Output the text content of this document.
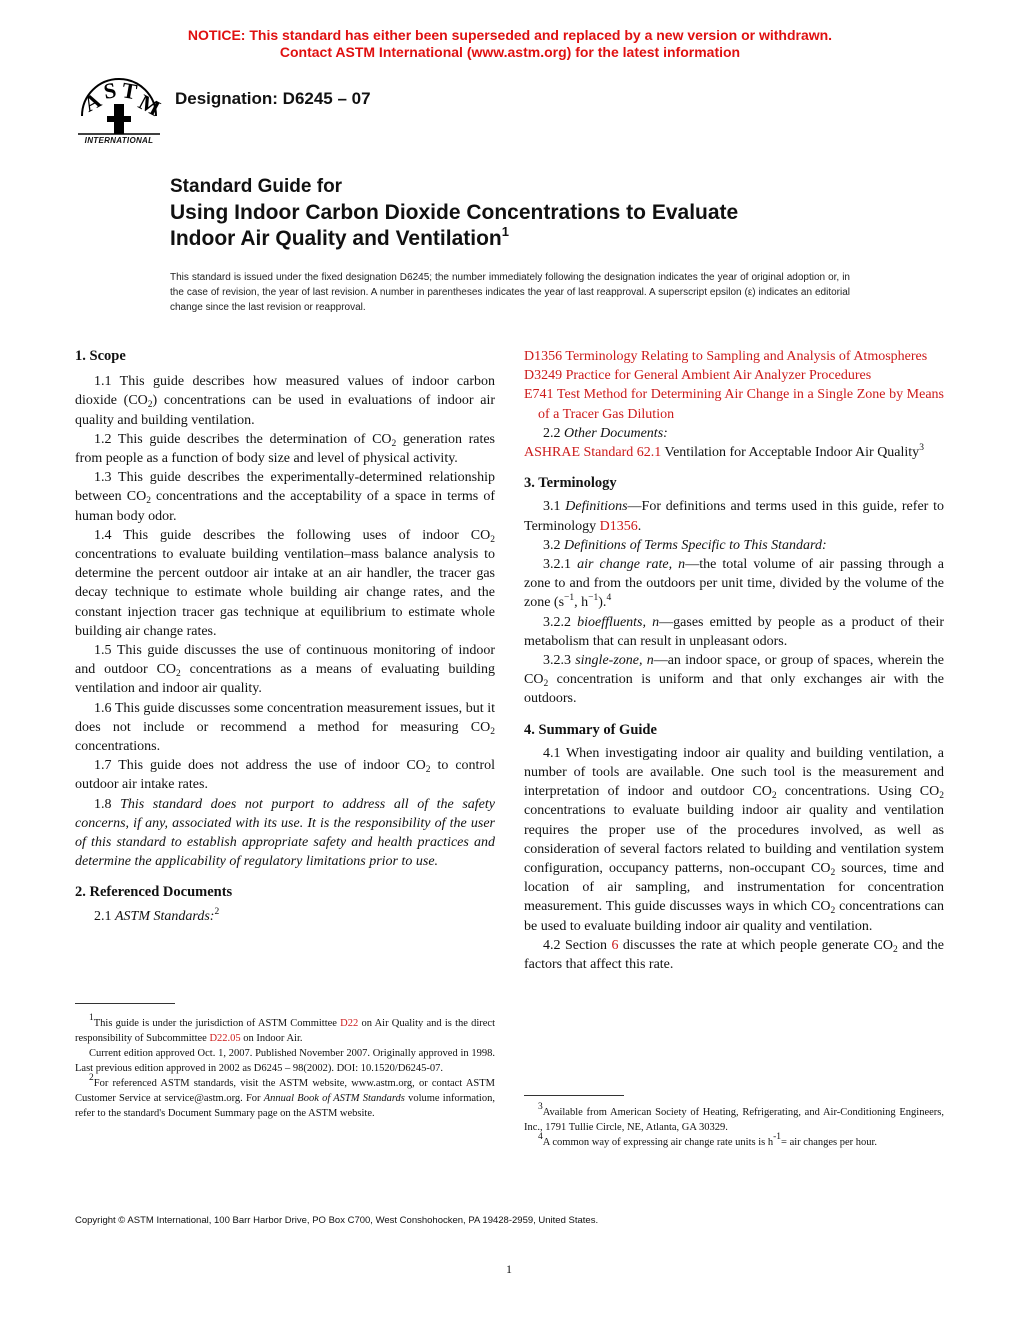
NOTICE: This standard has either been superseded and replaced by a new version or withdrawn.
Contact ASTM International (www.astm.org) for the latest information
A
S T
M
INTERNATIONAL
Designation: D6245 – 07
Standard Guide for
Using Indoor Carbon Dioxide Concentrations to Evaluate
Indoor Air Quality and Ventilation$^1$
This standard is issued under the fixed designation D6245; the number immediately following the designation indicates the year of original adoption or, in the case of revision, the year of last revision. A number in parentheses indicates the year of last reapproval. A superscript epsilon (ε) indicates an editorial change since the last revision or reapproval.
1. Scope

1.1 This guide describes how measured values of indoor carbon dioxide $(CO_2)$ concentrations can be used in evaluations of indoor air quality and building ventilation.

1.2 This guide describes the determination of $CO_2$ generation rates from people as a function of body size and level of physical activity.

1.3 This guide describes the experimentally-determined relationship between $CO_2$ concentrations and the acceptability of a space in terms of human body odor.

1.4 This guide describes the following uses of indoor $CO_2$ concentrations to evaluate building ventilation–mass balance analysis to determine the percent outdoor air intake at an air handler, the tracer gas decay technique to estimate whole building air change rates, and the constant injection tracer gas technique at equilibrium to estimate whole building air change rates.

1.5 This guide discusses the use of continuous monitoring of indoor and outdoor $CO_2$ concentrations as a means of evaluating building ventilation and indoor air quality.

1.6 This guide discusses some concentration measurement issues, but it does not include or recommend a method for measuring $CO_2$ concentrations.

1.7 This guide does not address the use of indoor $CO_2$ to control outdoor air intake rates.

1.8 This standard does not purport to address all of the safety concerns, if any, associated with its use. It is the responsibility of the user of this standard to establish appropriate safety and health practices and determine the applicability of regulatory limitations prior to use.

2. Referenced Documents

2.1 ASTM Standards:$^2$

$^1$This guide is under the jurisdiction of ASTM Committee D22 on Air Quality and is the direct responsibility of Subcommittee D22.05 on Indoor Air.

Current edition approved Oct. 1, 2007. Published November 2007. Originally approved in 1998. Last previous edition approved in 2002 as D6245 – 98(2002). DOI: 10.1520/D6245-07.

$^2$For referenced ASTM standards, visit the ASTM website, www.astm.org, or contact ASTM Customer Service at service@astm.org. For Annual Book of ASTM Standards volume information, refer to the standard's Document Summary page on the ASTM website.

D1356 Terminology Relating to Sampling and Analysis of Atmospheres

D3249 Practice for General Ambient Air Analyzer Procedures

E741 Test Method for Determining Air Change in a Single Zone by Means of a Tracer Gas Dilution

2.2 Other Documents:

ASHRAE Standard 62.1 Ventilation for Acceptable Indoor Air Quality$^3$

3. Terminology

3.1 Definitions—For definitions and terms used in this guide, refer to Terminology D1356.

3.2 Definitions of Terms Specific to This Standard:

3.2.1 air change rate, n—the total volume of air passing through a zone to and from the outdoors per unit time, divided by the volume of the zone ($s^{-1}$, $h^{-1}).^4$

3.2.2 bioeffluents, n—gases emitted by people as a product of their metabolism that can result in unpleasant odors.

3.2.3 single-zone, n—an indoor space, or group of spaces, wherein the $CO_2$ concentration is uniform and that only exchanges air with the outdoors.

4. Summary of Guide

4.1 When investigating indoor air quality and building ventilation, a number of tools are available. One such tool is the measurement and interpretation of indoor and outdoor $CO_2$ concentrations. Using $CO_2$ concentrations to evaluate building indoor air quality and ventilation requires the proper use of the procedures involved, as well as consideration of several factors related to building and ventilation system configuration, occupancy patterns, non-occupant $CO_2$ sources, time and location of air sampling, and instrumentation for concentration measurement. This guide discusses ways in which $CO_2$ concentrations can be used to evaluate building indoor air quality and ventilation.

4.2 Section 6 discusses the rate at which people generate $CO_2$ and the factors that affect this rate.

$^3$Available from American Society of Heating, Refrigerating, and Air-Conditioning Engineers, Inc., 1791 Tullie Circle, NE, Atlanta, GA 30329.

$^4$A common way of expressing air change rate units is $h^{-1}=$ air changes per hour.

Copyright © ASTM International, 100 Barr Harbor Drive, PO Box C700, West Conshohocken, PA 19428-2959, United States.
1
